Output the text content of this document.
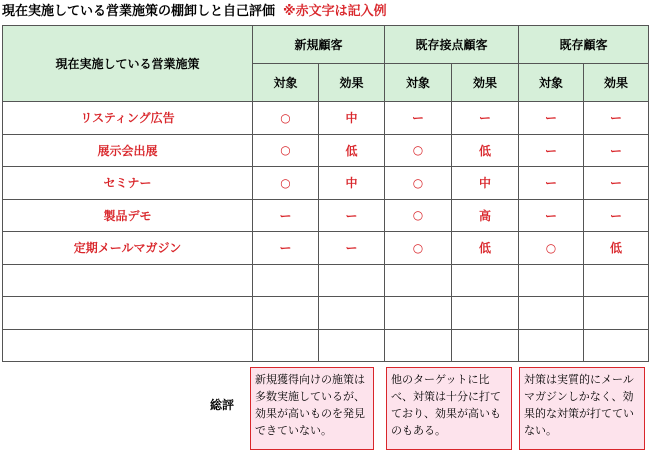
現在実施している営業施策の棚卸しと自己評価 ※赤文字は記入例
現在実施している営業施策	新規顧客		既存接点顧客		既存顧客	
	対象	効果	対象	効果	対象	効果
リスティング広告	○	中	ー	ー	ー	ー
展示会出展	○	低	○	低	ー	ー
セミナー	○	中	○	中	ー	ー
製品デモ	ー	ー	○	高	ー	ー
定期メールマガジン	ー	ー	○	低	○	低

総評
新規獲得向けの施策は多数実施しているが、効果が高いものを発見できていない。
他のターゲットに比べ、対策は十分に打てており、効果が高いものもある。
対策は実質的にメールマガジンしかなく、効果的な対策が打てていない。
